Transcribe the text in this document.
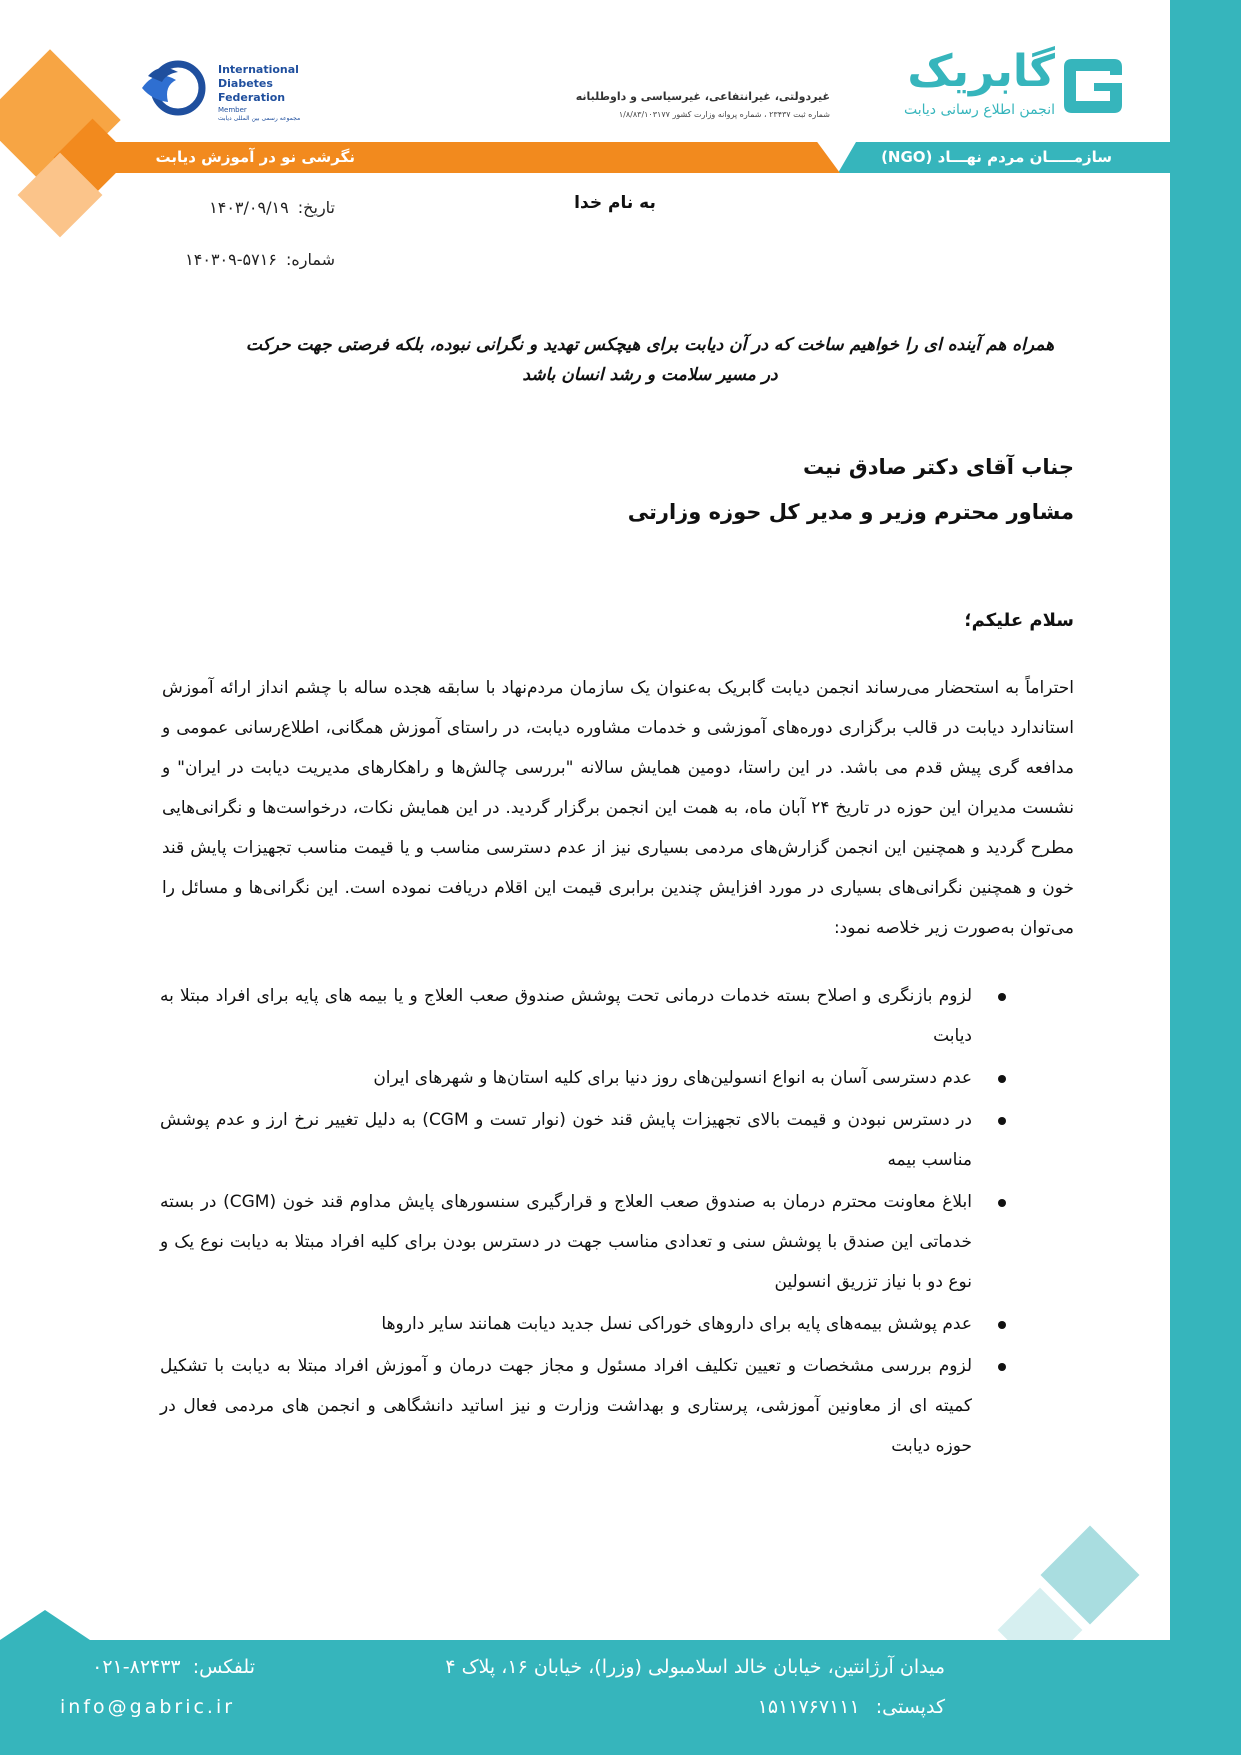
گابریک
انجمن اطلاع رسانی دیابت
غیردولتی، غیرانتفاعی، غیرسیاسی و داوطلبانه
شماره ثبت ۲۳۴۳۷ ، شماره پروانه وزارت کشور ۱/۸/۸۳/۱۰۳۱۷۷
International
Diabetes
Federation
Member
مجموعه رسمی بین المللی دیابت
سازمـــــان مردم نهـــاد (NGO)
نگرشی نو در آموزش دیابت
به نام خدا
تاریخ: ۱۴۰۳/۰۹/۱۹
شماره: ۵۷۱۶-۱۴۰۳۰۹
همراه هم آینده ای را خواهیم ساخت که در آن دیابت برای هیچکس تهدید و نگرانی نبوده، بلکه فرصتی جهت حرکت در مسیر سلامت و رشد انسان باشد
جناب آقای دکتر صادق نیت
مشاور محترم وزیر و مدیر کل حوزه وزارتی
سلام علیکم؛
احتراماً به استحضار می‌رساند انجمن دیابت گابریک به‌عنوان یک سازمان مردم‌نهاد با سابقه هجده ساله با چشم انداز ارائه آموزش استاندارد دیابت در قالب برگزاری دوره‌های آموزشی و خدمات مشاوره دیابت، در راستای آموزش همگانی، اطلاع‌رسانی عمومی و مدافعه گری پیش قدم می باشد. در این راستا، دومین همایش سالانه "بررسی چالش‌ها و راهکارهای مدیریت دیابت در ایران" و نشست مدیران این حوزه در تاریخ ۲۴ آبان ماه، به همت این انجمن برگزار گردید. در این همایش نکات، درخواست‌ها و نگرانی‌هایی مطرح گردید و همچنین این انجمن گزارش‌های مردمی بسیاری نیز از عدم دسترسی مناسب و یا قیمت مناسب تجهیزات پایش قند خون و همچنین نگرانی‌های بسیاری در مورد افزایش چندین برابری قیمت این اقلام دریافت نموده است. این نگرانی‌ها و مسائل را می‌توان به‌صورت زیر خلاصه نمود:
لزوم بازنگری و اصلاح بسته خدمات درمانی تحت پوشش صندوق صعب العلاج و یا بیمه های پایه برای افراد مبتلا به دیابت
عدم دسترسی آسان به انواع انسولین‌های روز دنیا برای کلیه استان‌ها و شهرهای ایران
در دسترس نبودن و قیمت بالای تجهیزات پایش قند خون (نوار تست و CGM) به دلیل تغییر نرخ ارز و عدم پوشش مناسب بیمه
ابلاغ معاونت محترم درمان به صندوق صعب العلاج و قرارگیری سنسورهای پایش مداوم قند خون (CGM) در بسته خدماتی این صندق با پوشش سنی و تعدادی مناسب جهت در دسترس بودن برای کلیه افراد مبتلا به دیابت نوع یک و نوع دو با نیاز تزریق انسولین
عدم پوشش بیمه‌های پایه برای داروهای خوراکی نسل جدید دیابت همانند سایر داروها
لزوم بررسی مشخصات و تعیین تکلیف افراد مسئول و مجاز جهت درمان و آموزش افراد مبتلا به دیابت با تشکیل کمیته ای از معاونین آموزشی، پرستاری و بهداشت وزارت و نیز اساتید دانشگاهی و انجمن های مردمی فعال در حوزه دیابت
میدان آرژانتین، خیابان خالد اسلامبولی (وزرا)، خیابان ۱۶، پلاک ۴
کدپستی: ۱۵۱۱۷۶۷۱۱۱
تلفکس: ۸۲۴۳۳-۰۲۱
info@gabric.ir
